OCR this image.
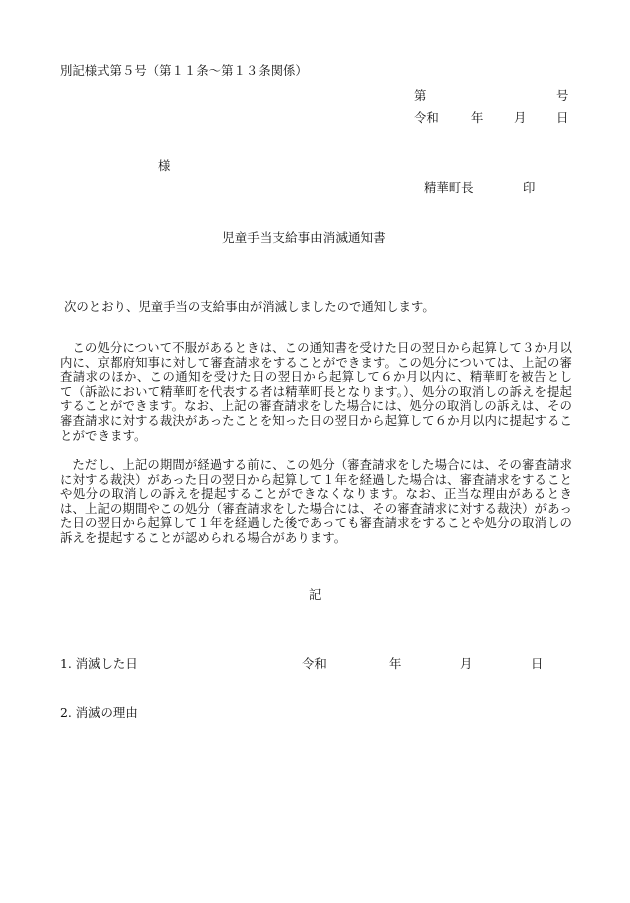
別記様式第５号（第１１条～第１３条関係）
第	号
令和	年 月 日
様
精華町長	印
児童手当支給事由消滅通知書
次のとおり、児童手当の支給事由が消滅しましたので通知します。

この処分について不服があるときは、この通知書を受けた日の翌日から起算して３か月以内に、京都府知事に対して審査請求をすることができます。この処分については、上記の審査請求のほか、この通知を受けた日の翌日から起算して６か月以内に、精華町を被告として（訴訟において精華町を代表する者は精華町長となります。）、処分の取消しの訴えを提起することができます。なお、上記の審査請求をした場合には、処分の取消しの訴えは、その審査請求に対する裁決があったことを知った日の翌日から起算して６か月以内に提起することができます。

ただし、上記の期間が経過する前に、この処分（審査請求をした場合には、その審査請求に対する裁決）があった日の翌日から起算して１年を経過した場合は、審査請求をすることや処分の取消しの訴えを提起することができなくなります。なお、正当な理由があるときは、上記の期間やこの処分（審査請求をした場合には、その審査請求に対する裁決）があった日の翌日から起算して１年を経過した後であっても審査請求をすることや処分の取消しの訴えを提起することが認められる場合があります。

記
1. 消滅した日	令和	年	月	日
2. 消滅の理由
